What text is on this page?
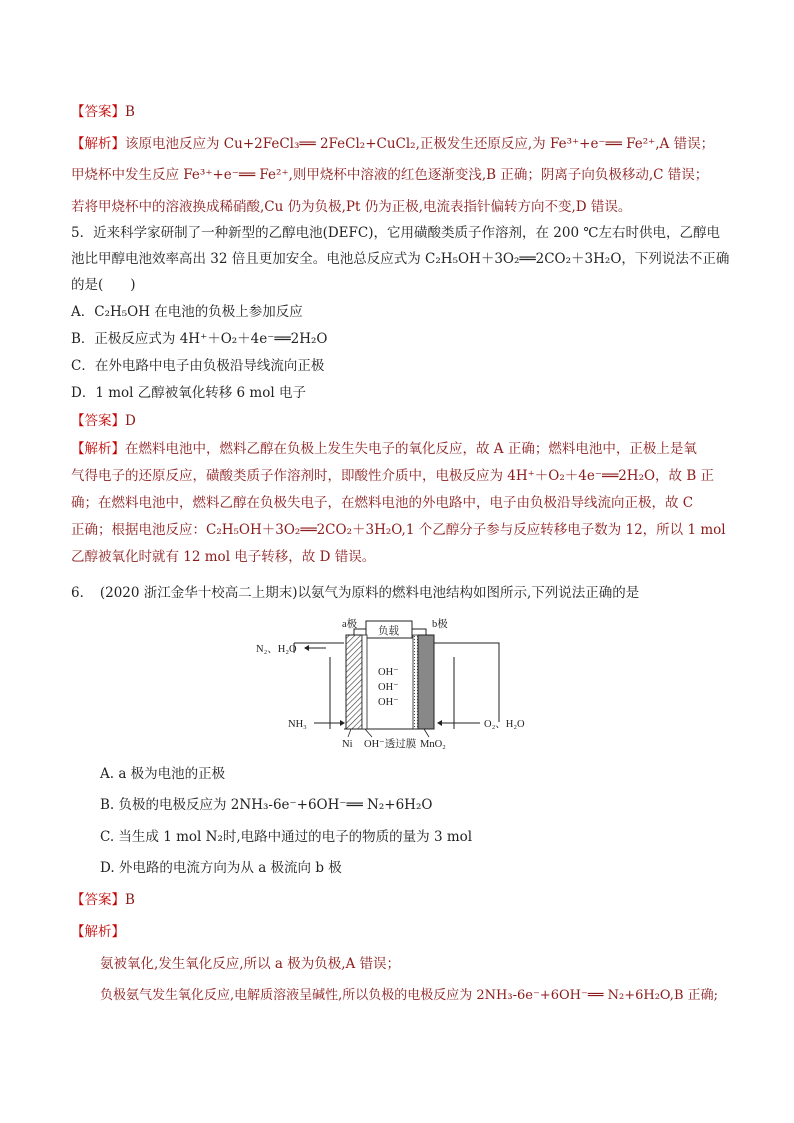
【答案】B
【解析】该原电池反应为 Cu+2FeCl₃══ 2FeCl₂+CuCl₂,正极发生还原反应,为 Fe³⁺+e⁻══ Fe²⁺,A 错误；
甲烧杯中发生反应 Fe³⁺+e⁻══ Fe²⁺,则甲烧杯中溶液的红色逐渐变浅,B 正确；阴离子向负极移动,C 错误；
若将甲烧杯中的溶液换成稀硝酸,Cu 仍为负极,Pt 仍为正极,电流表指针偏转方向不变,D 错误。
5．近来科学家研制了一种新型的乙醇电池(DEFC)，它用磺酸类质子作溶剂，在 200 ℃左右时供电，乙醇电
池比甲醇电池效率高出 32 倍且更加安全。电池总反应式为 C₂H₅OH＋3O₂══2CO₂＋3H₂O，下列说法不正确
的是(　　)
A．C₂H₅OH 在电池的负极上参加反应
B．正极反应式为 4H⁺＋O₂＋4e⁻══2H₂O
C．在外电路中电子由负极沿导线流向正极
D．1 mol 乙醇被氧化转移 6 mol 电子
【答案】D
【解析】在燃料电池中，燃料乙醇在负极上发生失电子的氧化反应，故 A 正确；燃料电池中，正极上是氧
气得电子的还原反应，磺酸类质子作溶剂时，即酸性介质中，电极反应为 4H⁺＋O₂＋4e⁻══2H₂O，故 B 正
确；在燃料电池中，燃料乙醇在负极失电子，在燃料电池的外电路中，电子由负极沿导线流向正极，故 C
正确；根据电池反应：C₂H₅OH＋3O₂══2CO₂＋3H₂O,1 个乙醇分子参与反应转移电子数为 12，所以 1 mol
乙醇被氧化时就有 12 mol 电子转移，故 D 错误。
6．　(2020 浙江金华十校高二上期末)以氨气为原料的燃料电池结构如图所示,下列说法正确的是
负载
a极	b极
OH⁻
OH⁻
OH⁻
N₂、H₂O
NH₃	O₂、H₂O
Ni OH⁻透过膜 MnO₂
A. a 极为电池的正极
B. 负极的电极反应为 2NH₃-6e⁻+6OH⁻══ N₂+6H₂O
C. 当生成 1 mol N₂时,电路中通过的电子的物质的量为 3 mol
D. 外电路的电流方向为从 a 极流向 b 极
【答案】B
【解析】
氨被氧化,发生氧化反应,所以 a 极为负极,A 错误；
负极氨气发生氧化反应,电解质溶液呈碱性,所以负极的电极反应为 2NH₃-6e⁻+6OH⁻══ N₂+6H₂O,B 正确;
